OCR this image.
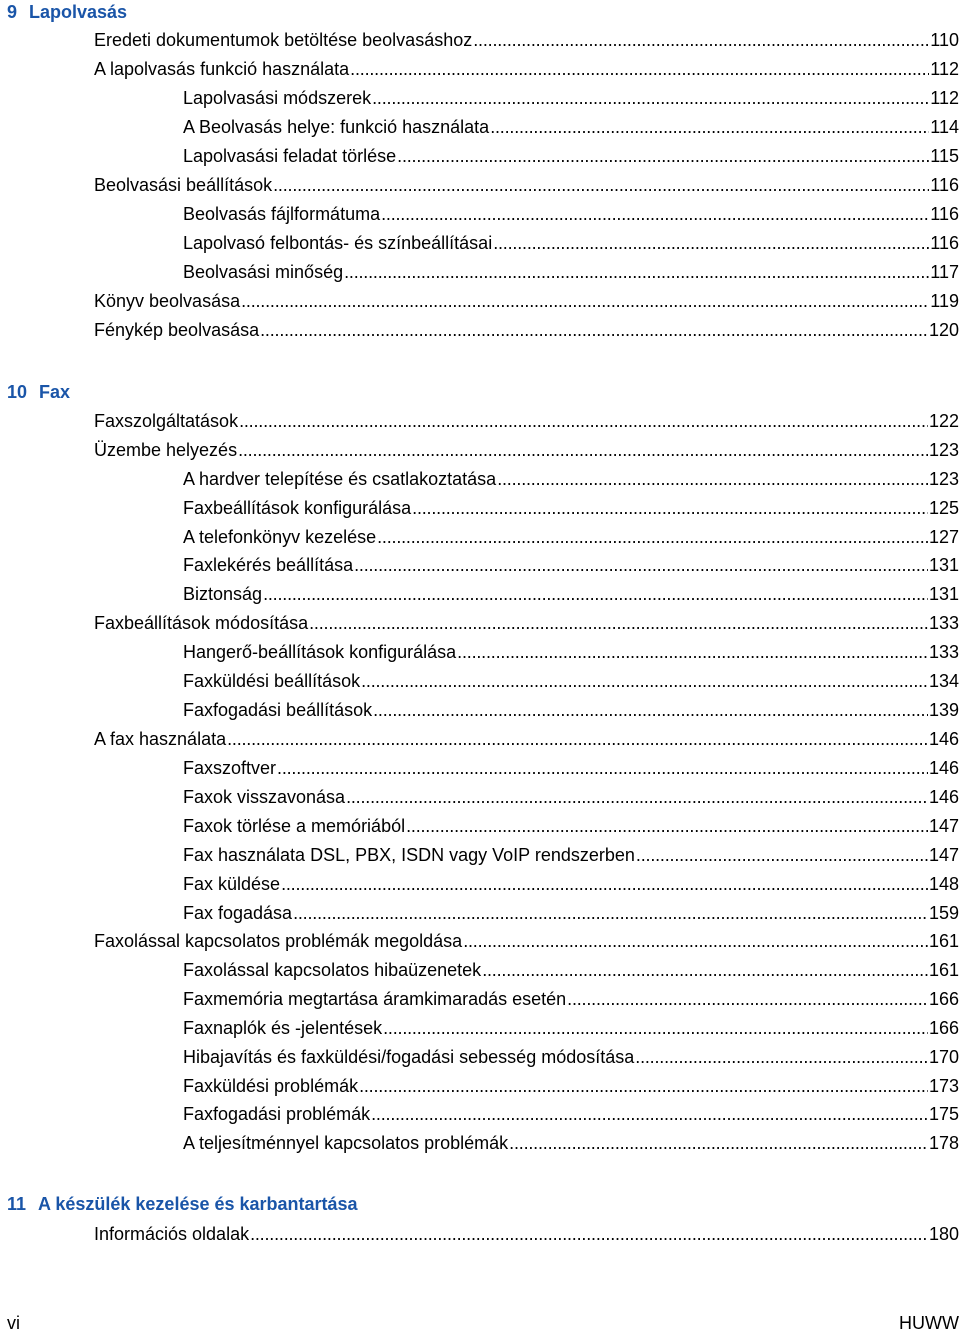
9 Lapolvasás
Eredeti dokumentumok betöltése beolvasáshoz . . .	110
A lapolvasás funkció használata . . .	112
Lapolvasási módszerek . . .	112
A Beolvasás helye: funkció használata . . .	114
Lapolvasási feladat törlése . . .	115
Beolvasási beállítások . . .	116
Beolvasás fájlformátuma . . .	116
Lapolvasó felbontás- és színbeállításai . . .	116
Beolvasási minőség . . .	117
Könyv beolvasása . . .	119
Fénykép beolvasása . . .	120
10 Fax
Faxszolgáltatások . . .	122
Üzembe helyezés . . .	123
A hardver telepítése és csatlakoztatása . . .	123
Faxbeállítások konfigurálása . . .	125
A telefonkönyv kezelése . . .	127
Faxlekérés beállítása . . .	131
Biztonság . . .	131
Faxbeállítások módosítása . . .	133
Hangerő-beállítások konfigurálása . . .	133
Faxküldési beállítások . . .	134
Faxfogadási beállítások . . .	139
A fax használata . . .	146
Faxszoftver . . .	146
Faxok visszavonása . . .	146
Faxok törlése a memóriából . . .	147
Fax használata DSL, PBX, ISDN vagy VoIP rendszerben . . .	147
Fax küldése . . .	148
Fax fogadása . . .	159
Faxolással kapcsolatos problémák megoldása . . .	161
Faxolással kapcsolatos hibaüzenetek . . .	161
Faxmemória megtartása áramkimaradás esetén . . .	166
Faxnaplók és -jelentések . . .	166
Hibajavítás és faxküldési/fogadási sebesség módosítása . . .	170
Faxküldési problémák . . .	173
Faxfogadási problémák . . .	175
A teljesítménnyel kapcsolatos problémák . . .	178
11 A készülék kezelése és karbantartása
Információs oldalak . . .	180
vi	HUWW
